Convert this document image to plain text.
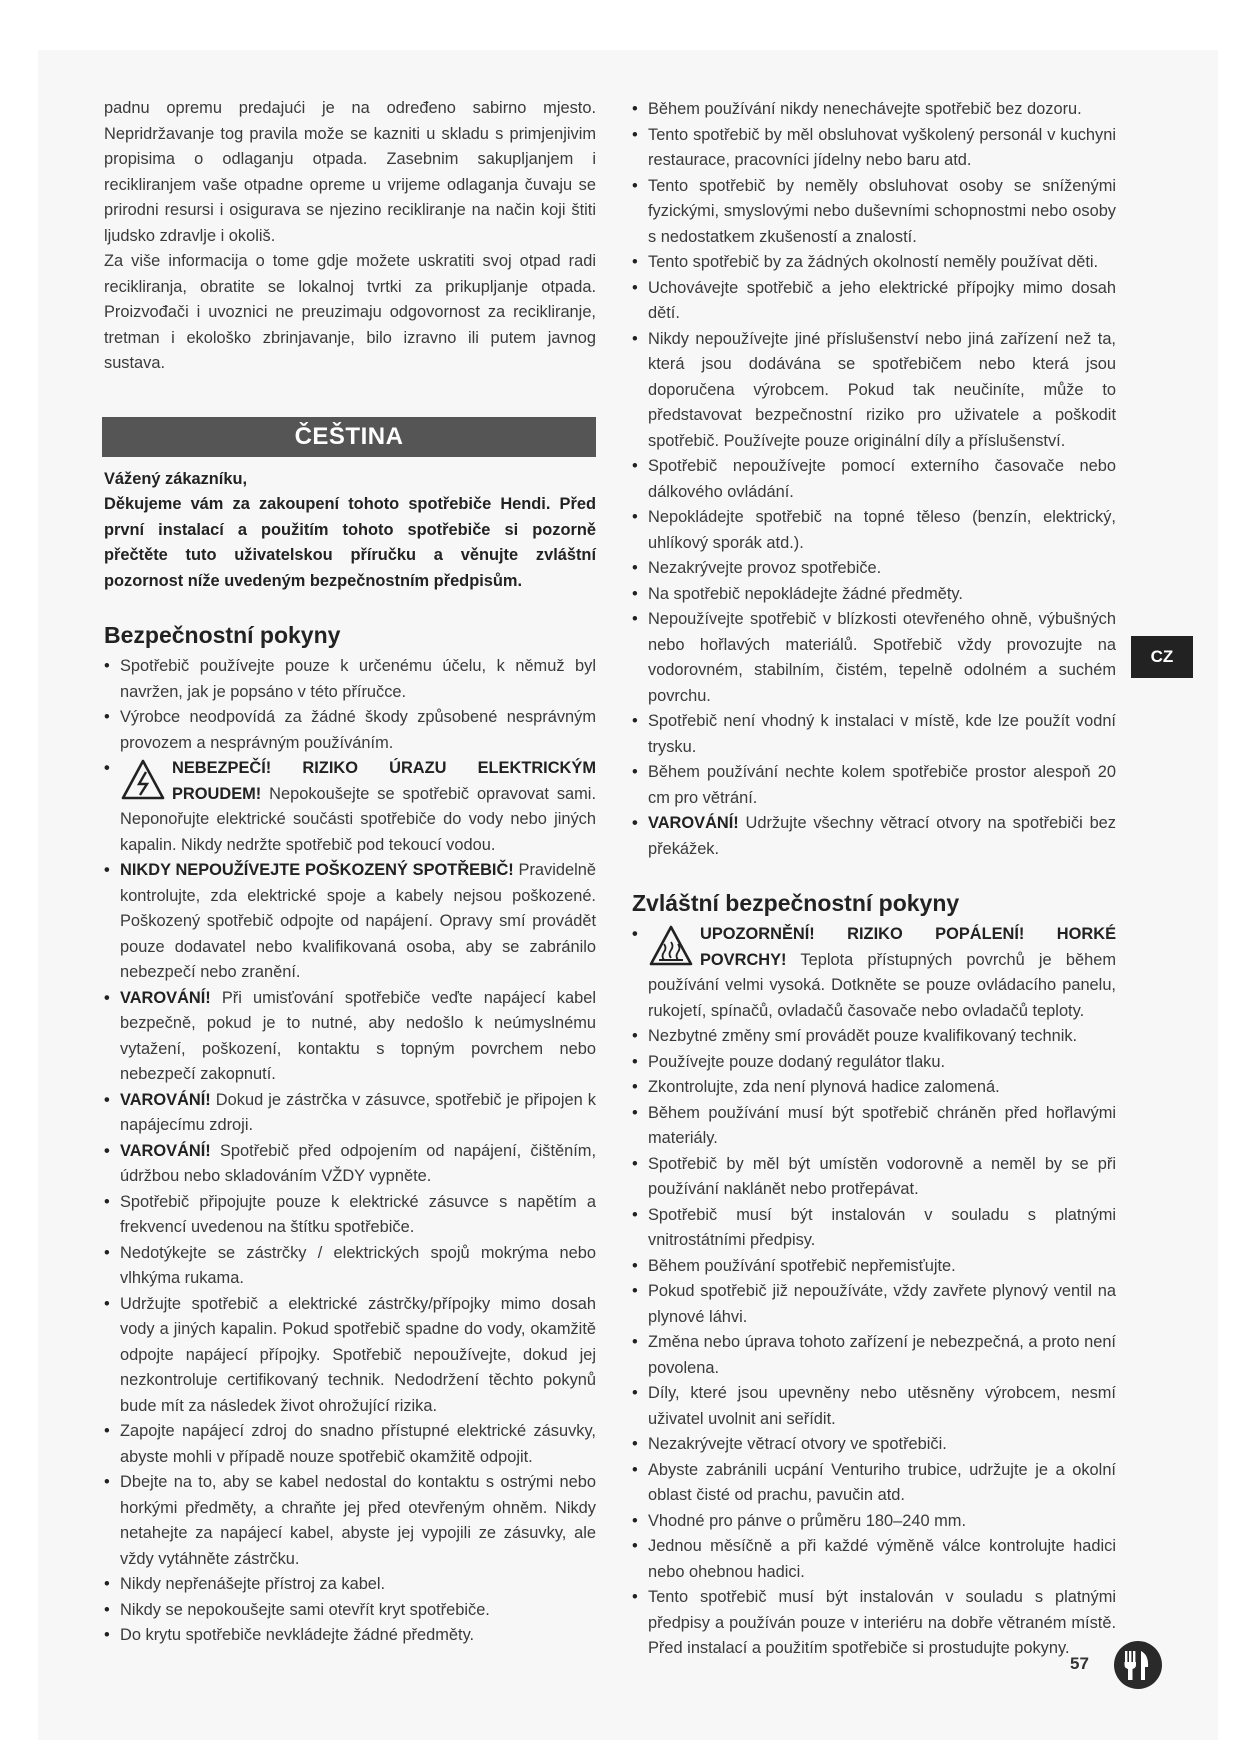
padnu opremu predajući je na određeno sabirno mjesto. Nepridržavanje tog pravila može se kazniti u skladu s primjenjivim propisima o odlaganju otpada. Zasebnim sakupljanjem i recikliranjem vaše otpadne opreme u vrijeme odlaganja čuvaju se prirodni resursi i osigurava se njezino recikliranje na način koji štiti ljudsko zdravlje i okoliš.

Za više informacija o tome gdje možete uskratiti svoj otpad radi recikliranja, obratite se lokalnoj tvrtki za prikupljanje otpada. Proizvođači i uvoznici ne preuzimaju odgovornost za recikliranje, tretman i ekološko zbrinjavanje, bilo izravno ili putem javnog sustava.

ČEŠTINA
Vážený zákazníku,

Děkujeme vám za zakoupení tohoto spotřebiče Hendi. Před první instalací a použitím tohoto spotřebiče si pozorně přečtěte tuto uživatelskou příručku a věnujte zvláštní pozornost níže uvedeným bezpečnostním předpisům.

Bezpečnostní pokyny
• Spotřebič používejte pouze k určenému účelu, k němuž byl navržen, jak je popsáno v této příručce.
• Výrobce neodpovídá za žádné škody způsobené nesprávným provozem a nesprávným používáním.
• NEBEZPEČÍ! RIZIKO ÚRAZU ELEKTRICKÝM PROUDEM! Nepokoušejte se spotřebič opravovat sami. Neponořujte elektrické součásti spotřebiče do vody nebo jiných kapalin. Nikdy nedržte spotřebič pod tekoucí vodou.
• NIKDY NEPOUŽÍVEJTE POŠKOZENÝ SPOTŘEBIČ! Pravidelně kontrolujte, zda elektrické spoje a kabely nejsou poškozené. Poškozený spotřebič odpojte od napájení. Opravy smí provádět pouze dodavatel nebo kvalifikovaná osoba, aby se zabránilo nebezpečí nebo zranění.
• VAROVÁNÍ! Při umisťování spotřebiče veďte napájecí kabel bezpečně, pokud je to nutné, aby nedošlo k neúmyslnému vytažení, poškození, kontaktu s topným povrchem nebo nebezpečí zakopnutí.
• VAROVÁNÍ! Dokud je zástrčka v zásuvce, spotřebič je připojen k napájecímu zdroji.
• VAROVÁNÍ! Spotřebič před odpojením od napájení, čištěním, údržbou nebo skladováním VŽDY vypněte.
• Spotřebič připojujte pouze k elektrické zásuvce s napětím a frekvencí uvedenou na štítku spotřebiče.
• Nedotýkejte se zástrčky / elektrických spojů mokrýma nebo vlhkýma rukama.
• Udržujte spotřebič a elektrické zástrčky/přípojky mimo dosah vody a jiných kapalin. Pokud spotřebič spadne do vody, okamžitě odpojte napájecí přípojky. Spotřebič nepoužívejte, dokud jej nezkontroluje certifikovaný technik. Nedodržení těchto pokynů bude mít za následek život ohrožující rizika.
• Zapojte napájecí zdroj do snadno přístupné elektrické zásuvky, abyste mohli v případě nouze spotřebič okamžitě odpojit.
• Dbejte na to, aby se kabel nedostal do kontaktu s ostrými nebo horkými předměty, a chraňte jej před otevřeným ohněm. Nikdy netahejte za napájecí kabel, abyste jej vypojili ze zásuvky, ale vždy vytáhněte zástrčku.
• Nikdy nepřenášejte přístroj za kabel.
• Nikdy se nepokoušejte sami otevřít kryt spotřebiče.
• Do krytu spotřebiče nevkládejte žádné předměty.
• Během používání nikdy nenechávejte spotřebič bez dozoru.
• Tento spotřebič by měl obsluhovat vyškolený personál v kuchyni restaurace, pracovníci jídelny nebo baru atd.
• Tento spotřebič by neměly obsluhovat osoby se sníženými fyzickými, smyslovými nebo duševními schopnostmi nebo osoby s nedostatkem zkušeností a znalostí.
• Tento spotřebič by za žádných okolností neměly používat děti.
• Uchovávejte spotřebič a jeho elektrické přípojky mimo dosah dětí.
• Nikdy nepoužívejte jiné příslušenství nebo jiná zařízení než ta, která jsou dodávána se spotřebičem nebo která jsou doporučena výrobcem. Pokud tak neučiníte, může to představovat bezpečnostní riziko pro uživatele a poškodit spotřebič. Používejte pouze originální díly a příslušenství.
• Spotřebič nepoužívejte pomocí externího časovače nebo dálkového ovládání.
• Nepokládejte spotřebič na topné těleso (benzín, elektrický, uhlíkový sporák atd.).
• Nezakrývejte provoz spotřebiče.
• Na spotřebič nepokládejte žádné předměty.
• Nepoužívejte spotřebič v blízkosti otevřeného ohně, výbušných nebo hořlavých materiálů. Spotřebič vždy provozujte na vodorovném, stabilním, čistém, tepelně odolném a suchém povrchu.
• Spotřebič není vhodný k instalaci v místě, kde lze použít vodní trysku.
• Během používání nechte kolem spotřebiče prostor alespoň 20 cm pro větrání.
• VAROVÁNÍ! Udržujte všechny větrací otvory na spotřebiči bez překážek.
Zvláštní bezpečnostní pokyny
• UPOZORNĚNÍ! RIZIKO POPÁLENÍ! HORKÉ POVRCHY! Teplota přístupných povrchů je během používání velmi vysoká. Dotkněte se pouze ovládacího panelu, rukojetí, spínačů, ovladačů časovače nebo ovladačů teploty.
• Nezbytné změny smí provádět pouze kvalifikovaný technik.
• Používejte pouze dodaný regulátor tlaku.
• Zkontrolujte, zda není plynová hadice zalomená.
• Během používání musí být spotřebič chráněn před hořlavými materiály.
• Spotřebič by měl být umístěn vodorovně a neměl by se při používání naklánět nebo protřepávat.
• Spotřebič musí být instalován v souladu s platnými vnitrostátními předpisy.
• Během používání spotřebič nepřemisťujte.
• Pokud spotřebič již nepoužíváte, vždy zavřete plynový ventil na plynové láhvi.
• Změna nebo úprava tohoto zařízení je nebezpečná, a proto není povolena.
• Díly, které jsou upevněny nebo utěsněny výrobcem, nesmí uživatel uvolnit ani seřídit.
• Nezakrývejte větrací otvory ve spotřebiči.
• Abyste zabránili ucpání Venturiho trubice, udržujte je a okolní oblast čisté od prachu, pavučin atd.
• Vhodné pro pánve o průměru 180–240 mm.
• Jednou měsíčně a při každé výměně válce kontrolujte hadici nebo ohebnou hadici.
• Tento spotřebič musí být instalován v souladu s platnými předpisy a používán pouze v interiéru na dobře větraném místě. Před instalací a použitím spotřebiče si prostudujte pokyny.
CZ
57
